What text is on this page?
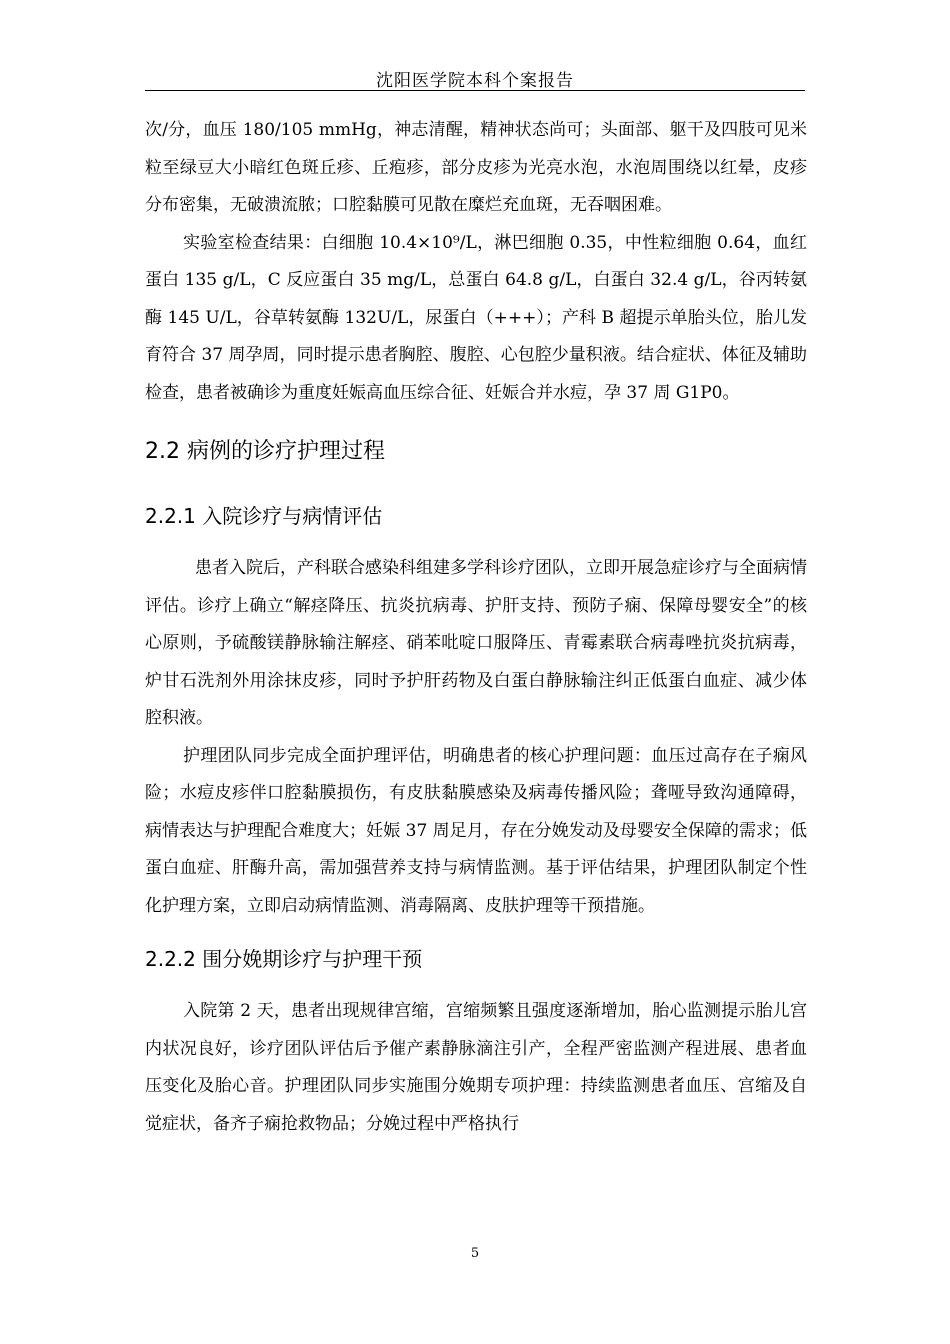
沈阳医学院本科个案报告

次/分，血压 180/105 mmHg，神志清醒，精神状态尚可；头面部、躯干及四肢可见米粒至绿豆大小暗红色斑丘疹、丘疱疹，部分皮疹为光亮水泡，水泡周围绕以红晕，皮疹分布密集，无破溃流脓；口腔黏膜可见散在糜烂充血斑，无吞咽困难。

实验室检查结果：白细胞 10.4×10⁹/L，淋巴细胞 0.35，中性粒细胞 0.64，血红蛋白 135 g/L，C 反应蛋白 35 mg/L，总蛋白 64.8 g/L，白蛋白 32.4 g/L，谷丙转氨酶 145 U/L，谷草转氨酶 132U/L，尿蛋白（+++）；产科 B 超提示单胎头位，胎儿发育符合 37 周孕周，同时提示患者胸腔、腹腔、心包腔少量积液。结合症状、体征及辅助检查，患者被确诊为重度妊娠高血压综合征、妊娠合并水痘，孕 37 周 G1P0。

2.2 病例的诊疗护理过程
2.2.1 入院诊疗与病情评估

患者入院后，产科联合感染科组建多学科诊疗团队，立即开展急症诊疗与全面病情评估。诊疗上确立“解痉降压、抗炎抗病毒、护肝支持、预防子痫、保障母婴安全”的核心原则，予硫酸镁静脉输注解痉、硝苯吡啶口服降压、青霉素联合病毒唑抗炎抗病毒，炉甘石洗剂外用涂抹皮疹，同时予护肝药物及白蛋白静脉输注纠正低蛋白血症、减少体腔积液。

护理团队同步完成全面护理评估，明确患者的核心护理问题：血压过高存在子痫风险；水痘皮疹伴口腔黏膜损伤，有皮肤黏膜感染及病毒传播风险；聋哑导致沟通障碍，病情表达与护理配合难度大；妊娠 37 周足月，存在分娩发动及母婴安全保障的需求；低蛋白血症、肝酶升高，需加强营养支持与病情监测。基于评估结果，护理团队制定个性化护理方案，立即启动病情监测、消毒隔离、皮肤护理等干预措施。

2.2.2 围分娩期诊疗与护理干预

入院第 2 天，患者出现规律宫缩，宫缩频繁且强度逐渐增加，胎心监测提示胎儿宫内状况良好，诊疗团队评估后予催产素静脉滴注引产，全程严密监测产程进展、患者血压变化及胎心音。护理团队同步实施围分娩期专项护理：持续监测患者血压、宫缩及自觉症状，备齐子痫抢救物品；分娩过程中严格执行

5
